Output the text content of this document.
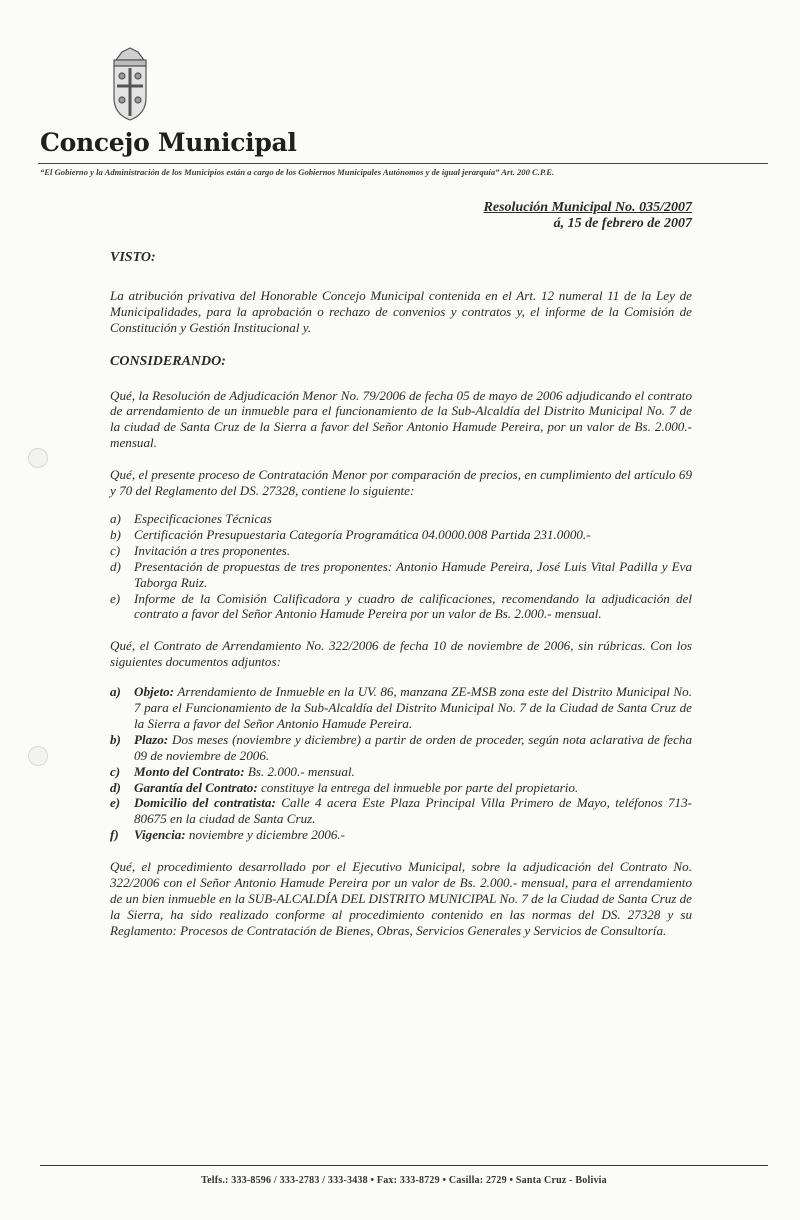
Concejo Municipal
“El Gobierno y la Administración de los Municipios están a cargo de los Gobiernos Municipales Autónomos y de igual jerarquía” Art. 200 C.P.E.
Resolución Municipal No. 035/2007
á, 15 de febrero de 2007
VISTO:

La atribución privativa del Honorable Concejo Municipal contenida en el Art. 12 numeral 11 de la Ley de Municipalidades, para la aprobación o rechazo de convenios y contratos y, el informe de la Comisión de Constitución y Gestión Institucional y.

CONSIDERANDO:

Qué, la Resolución de Adjudicación Menor No. 79/2006 de fecha 05 de mayo de 2006 adjudicando el contrato de arrendamiento de un inmueble para el funcionamiento de la Sub-Alcaldía del Distrito Municipal No. 7 de la ciudad de Santa Cruz de la Sierra a favor del Señor Antonio Hamude Pereira, por un valor de Bs. 2.000.- mensual.

Qué, el presente proceso de Contratación Menor por comparación de precios, en cumplimiento del artículo 69 y 70 del Reglamento del DS. 27328, contiene lo siguiente:

a) Especificaciones Técnicas
b) Certificación Presupuestaria Categoría Programática 04.0000.008 Partida 231.0000.-
c) Invitación a tres proponentes.
d) Presentación de propuestas de tres proponentes: Antonio Hamude Pereira, José Luis Vital Padilla y Eva Taborga Ruiz.
e) Informe de la Comisión Calificadora y cuadro de calificaciones, recomendando la adjudicación del contrato a favor del Señor Antonio Hamude Pereira por un valor de Bs. 2.000.- mensual.

Qué, el Contrato de Arrendamiento No. 322/2006 de fecha 10 de noviembre de 2006, sin rúbricas. Con los siguientes documentos adjuntos:

a) Objeto: Arrendamiento de Inmueble en la UV. 86, manzana ZE-MSB zona este del Distrito Municipal No. 7 para el Funcionamiento de la Sub-Alcaldía del Distrito Municipal No. 7 de la Ciudad de Santa Cruz de la Sierra a favor del Señor Antonio Hamude Pereira.
b) Plazo: Dos meses (noviembre y diciembre) a partir de orden de proceder, según nota aclarativa de fecha 09 de noviembre de 2006.
c) Monto del Contrato: Bs. 2.000.- mensual.
d) Garantía del Contrato: constituye la entrega del inmueble por parte del propietario.
e) Domicilio del contratista: Calle 4 acera Este Plaza Principal Villa Primero de Mayo, teléfonos 713-80675 en la ciudad de Santa Cruz.
f) Vigencia: noviembre y diciembre 2006.-

Qué, el procedimiento desarrollado por el Ejecutivo Municipal, sobre la adjudicación del Contrato No. 322/2006 con el Señor Antonio Hamude Pereira por un valor de Bs. 2.000.- mensual, para el arrendamiento de un bien inmueble en la SUB-ALCALDÍA DEL DISTRITO MUNICIPAL No. 7 de la Ciudad de Santa Cruz de la Sierra, ha sido realizado conforme al procedimiento contenido en las normas del DS. 27328 y su Reglamento: Procesos de Contratación de Bienes, Obras, Servicios Generales y Servicios de Consultoría.

Telfs.: 333-8596 / 333-2783 / 333-3438 • Fax: 333-8729 • Casilla: 2729 • Santa Cruz - Bolivia
